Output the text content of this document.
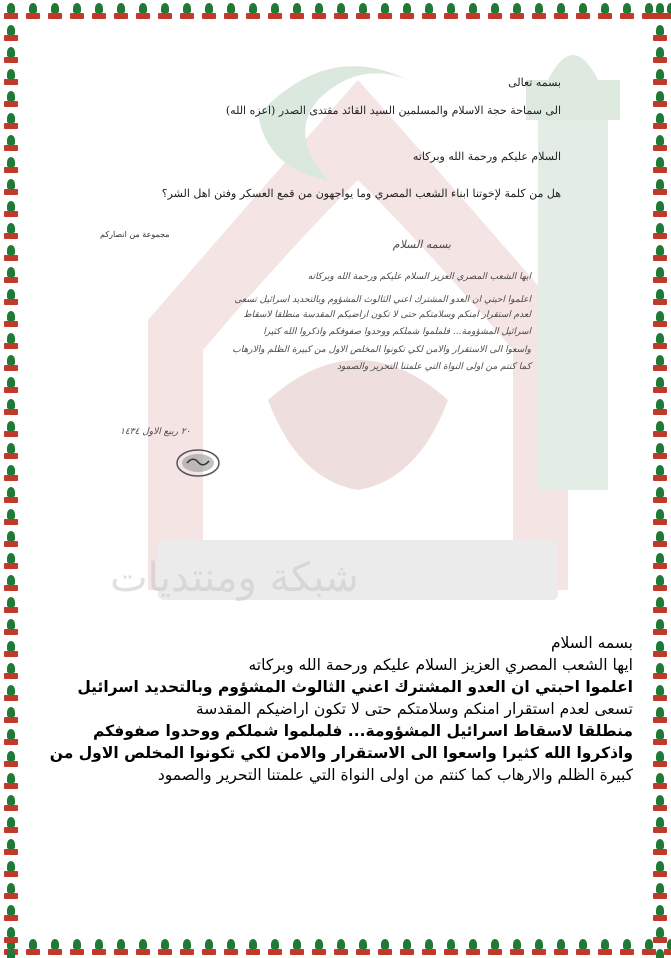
شبكة ومنتديات
بسمه تعالى
الى سماحة حجة الاسلام والمسلمين السيد القائد مقتدى الصدر (اعزه الله)
السلام عليكم ورحمة الله وبركاته
هل من كلمة لإخوتنا ابناء الشعب المصري وما يواجهون من قمع العسكر وفتن اهل الشر؟
مجموعة من انصاركم
بسمه السلام
ايها الشعب المصري العزيز السلام عليكم ورحمة الله وبركاته
اعلموا احبتي ان العدو المشترك اعني الثالوث المشؤوم وبالتحديد اسرائيل تسعى
لعدم استقرار امنكم وسلامتكم حتى لا تكون اراضيكم المقدسة منطلقا لاسقاط
اسرائيل المشؤومة... فلملموا شملكم ووحدوا صفوفكم واذكروا الله كثيرا
واسعوا الى الاستقرار والامن لكي تكونوا المخلص الاول من كبيرة الظلم والارهاب
كما كنتم من اولى النواة التي علمتنا التحرير والصمود
٢٠ ربيع الاول ١٤٣٤
بسمه السلام
ايها الشعب المصري العزيز السلام عليكم ورحمة الله وبركاته
اعلموا احبتي ان العدو المشترك اعني الثالوث المشؤوم وبالتحديد اسرائيل
تسعى لعدم استقرار امنكم وسلامتكم حتى لا تكون اراضيكم المقدسة
منطلقا لاسقاط اسرائيل المشؤومة... فلملموا شملكم ووحدوا صفوفكم
واذكروا الله كثيرا واسعوا الى الاستقرار والامن لكي تكونوا المخلص الاول من
كبيرة الظلم والارهاب كما كنتم من اولى النواة التي علمتنا التحرير والصمود
